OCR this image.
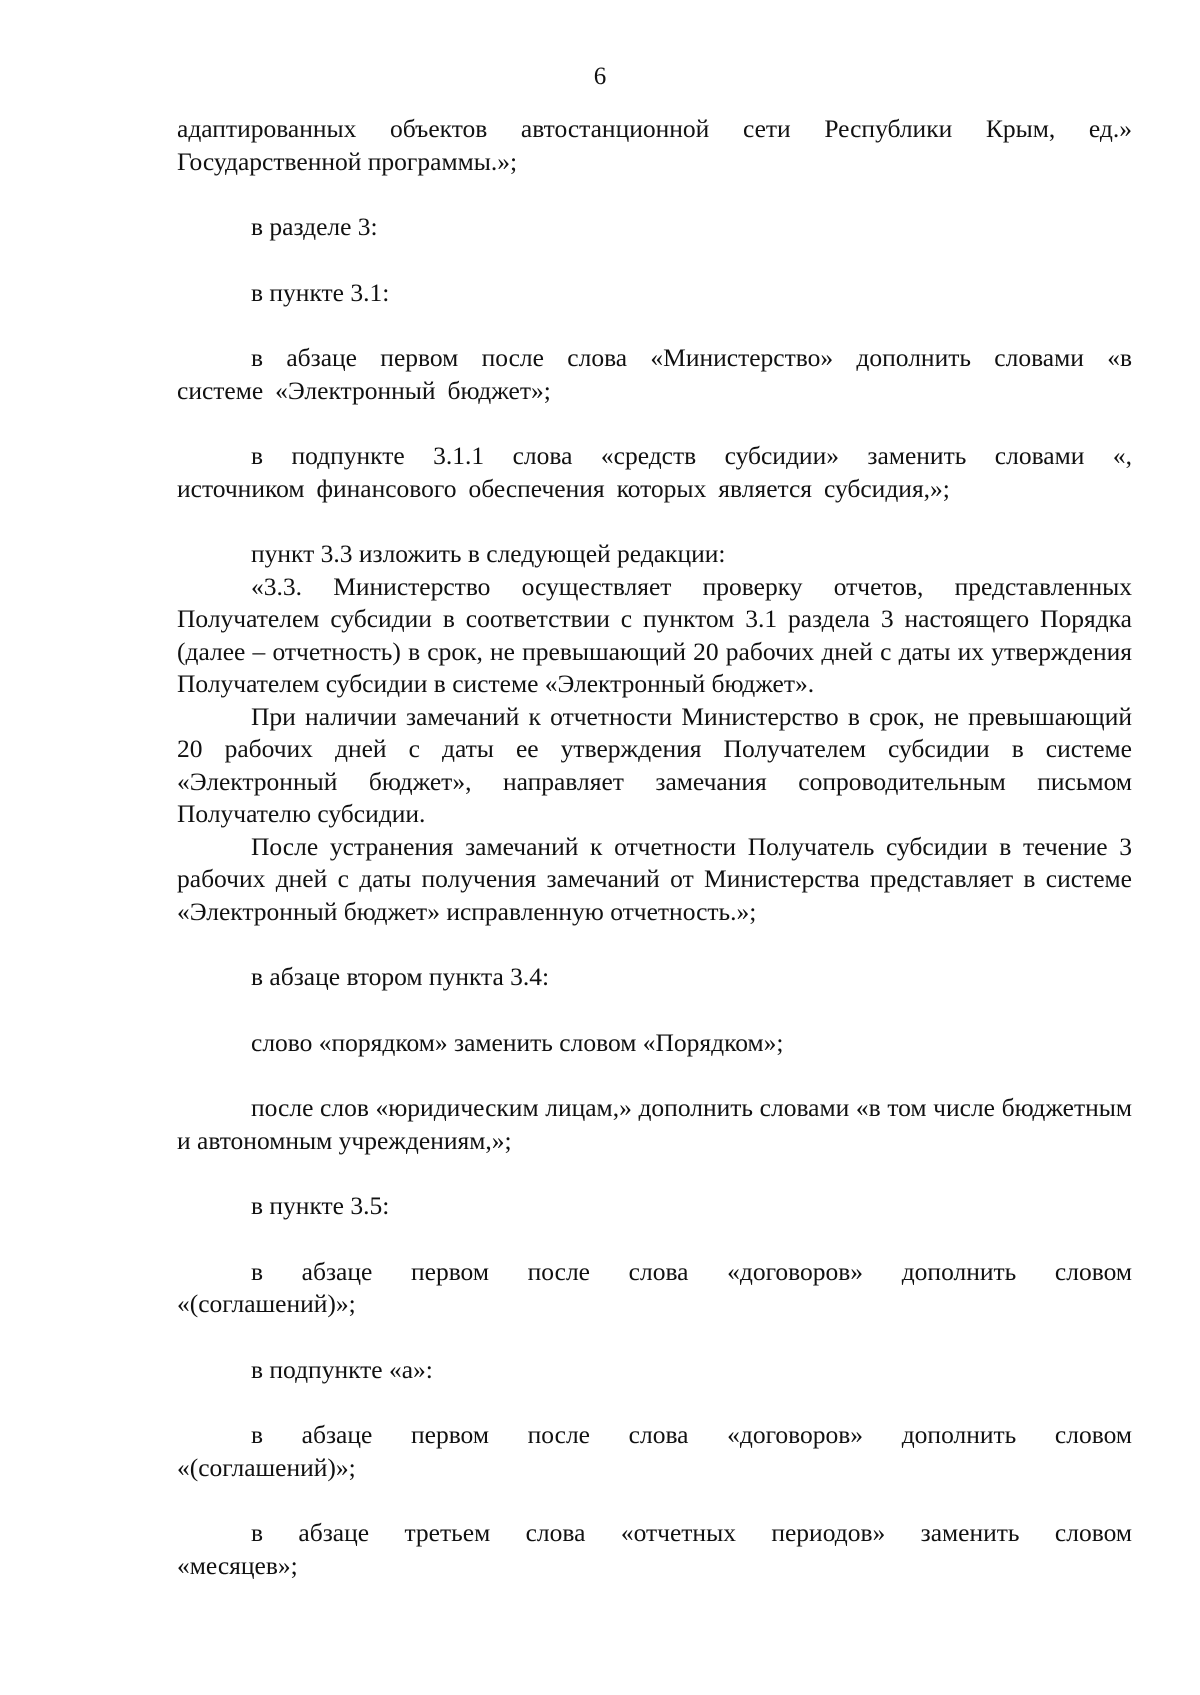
6

адаптированных объектов автостанционной сети Республики Крым, ед.» Государственной программы.»;

в разделе 3:

в пункте 3.1:

в абзаце первом после слова «Министерство» дополнить словами «в системе «Электронный бюджет»;

в подпункте 3.1.1 слова «средств субсидии» заменить словами «, источником финансового обеспечения которых является субсидия,»;

пункт 3.3 изложить в следующей редакции:

«3.3. Министерство осуществляет проверку отчетов, представленных Получателем субсидии в соответствии с пунктом 3.1 раздела 3 настоящего Порядка (далее – отчетность) в срок, не превышающий 20 рабочих дней с даты их утверждения Получателем субсидии в системе «Электронный бюджет».

При наличии замечаний к отчетности Министерство в срок, не превышающий 20 рабочих дней с даты ее утверждения Получателем субсидии в системе «Электронный бюджет», направляет замечания сопроводительным письмом Получателю субсидии.

После устранения замечаний к отчетности Получатель субсидии в течение 3 рабочих дней с даты получения замечаний от Министерства представляет в системе «Электронный бюджет» исправленную отчетность.»;

в абзаце втором пункта 3.4:

слово «порядком» заменить словом «Порядком»;

после слов «юридическим лицам,» дополнить словами «в том числе бюджетным и автономным учреждениям,»;

в пункте 3.5:

в абзаце первом после слова «договоров» дополнить словом «(соглашений)»;

в подпункте «а»:

в абзаце первом после слова «договоров» дополнить словом «(соглашений)»;

в абзаце третьем слова «отчетных периодов» заменить словом «месяцев»;
